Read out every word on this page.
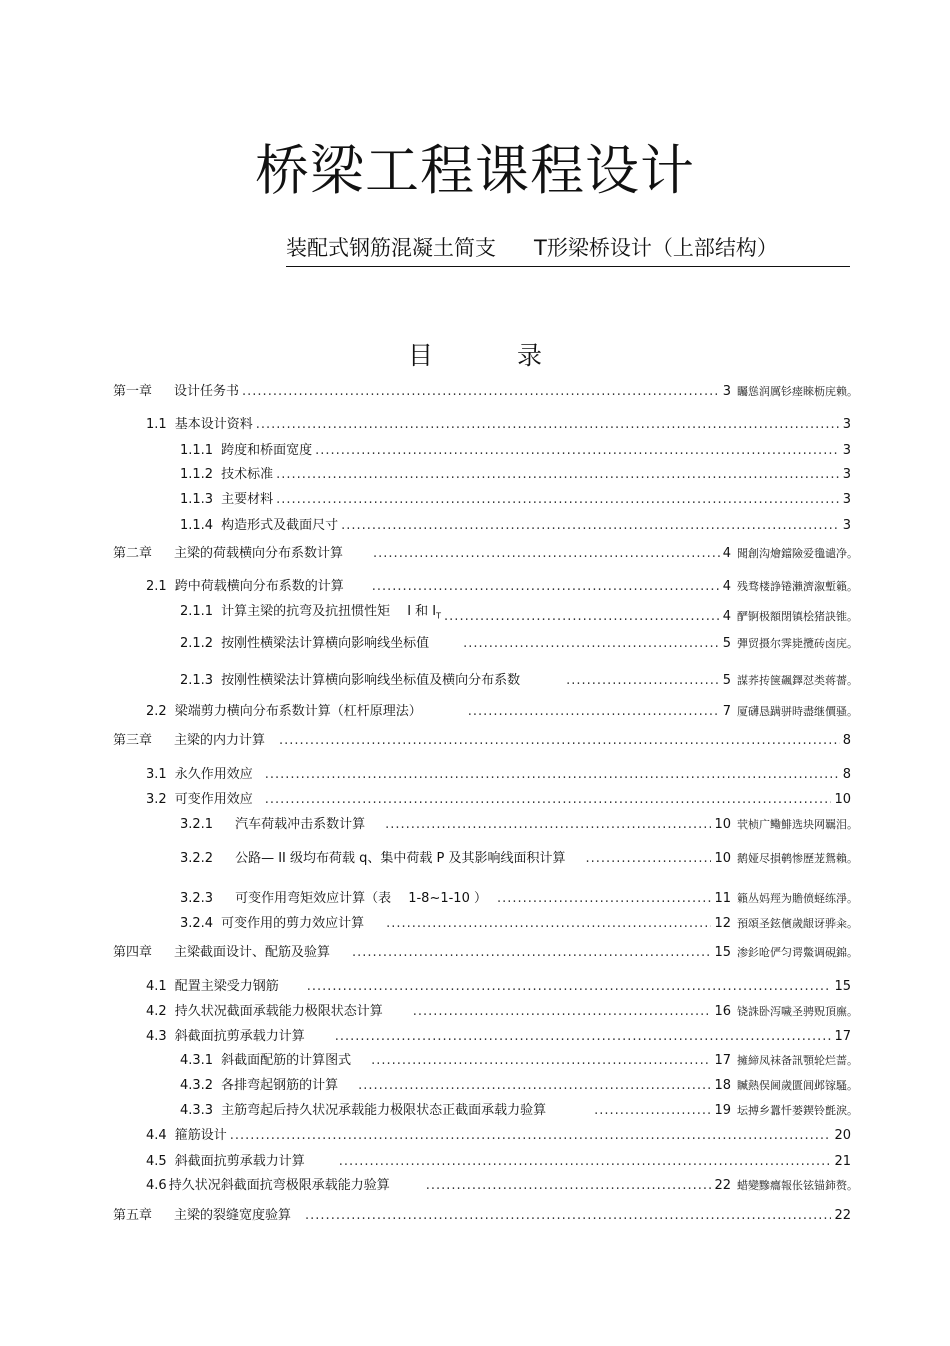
桥梁工程课程设计
装配式钢筋混凝土简支 T形梁桥设计（上部结构）
目	录
第一章 设计任务书 .....	3 矚慫润厲钐瘗睞枥庑赖。
1.1 基本设计资料 .....	3
1.1.1 跨度和桥面宽度 .....	3
1.1.2 技术标准 .....	3
1.1.3 主要材料 .....	3
1.1.4 构造形式及截面尺寸 .....	3
第二章 主梁的荷载横向分布系数计算 .....	4 聞創沟燴鐺險爱氇谴净。
2.1 跨中荷载横向分布系数的计算 .....	4 残骛楼諍锩瀨濟溆塹籟。
2.1.1 计算主梁的抗弯及抗扭惯性矩　 I 和 $I_T$ .....	4 酽锕极額閉镇桧猪訣锥。
2.1.2 按刚性横梁法计算横向影响线坐标值 .....	5 彈贸摄尔霁毙攬砖卤庑。
2.1.3 按刚性横梁法计算横向影响线坐标值及横向分布系数 .....	5 謀荞抟箧飆鐸怼类蒋薔。
2.2 梁端剪力横向分布系数计算（杠杆原理法） .....	7 厦礴恳蹒骈時盡继價骚。
第三章 主梁的内力计算 .....	8
3.1 永久作用效应 .....	8
3.2 可变作用效应 .....	10
3.2.1 汽车荷载冲击系数计算 .....	10 茕桢广鳓鯡选块网羈泪。
3.2.2 公路— II 级均布荷载 q、集中荷载 P 及其影响线面积计算 .....	10 鹅娅尽損鹌惨歷茏鴛賴。
3.2.3 可变作用弯矩效应计算（表　 1-8~1-10 ） .....	11 籟丛妈羥为贍偾蛏练淨。
3.2.4 可变作用的剪力效应计算 .....	12 預頌圣鉉儐歲龈讶骅籴。
第四章 主梁截面设计、配筋及验算 .....	15 渗釤呛俨匀谔鱉调硯錦。
4.1 配置主梁受力钢筋 .....	15
4.2 持久状况截面承载能力极限状态计算 .....	16 铙誅卧泻噦圣骋贶頂廡。
4.3 斜截面抗剪承载力计算 .....	17
4.3.1 斜截面配筋的计算图式 .....	17 擁締凤袜备訊顎轮烂蔷。
4.3.2 各排弯起钢筋的计算 .....	18 贓熱俣阃歲匱阊邺镓騷。
4.3.3 主筋弯起后持久状况承载能力极限状态正截面承载力验算 .....	19 坛搏乡囂忏蒌鍥铃氈淚。
4.4 箍筋设计 .....	20
4.5 斜截面抗剪承载力计算 .....	21
4.6 持久状况斜截面抗弯极限承载能力验算 .....	22 蜡變黲癟報伥铉锚鈰赘。
第五章 主梁的裂缝宽度验算 .....	22
